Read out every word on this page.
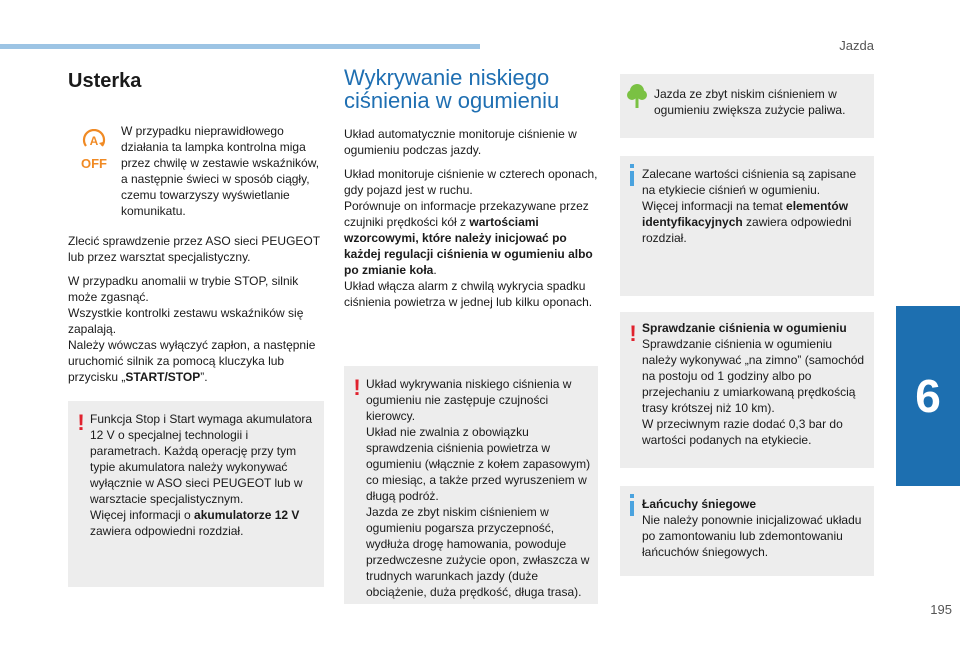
Jazda
6
195
Usterka
A
OFF

W przypadku nieprawidłowego działania ta lampka kontrolna miga przez chwilę w zestawie wskaźników, a następnie świeci w sposób ciągły, czemu towarzyszy wyświetlanie komunikatu.

Zlecić sprawdzenie przez ASO sieci PEUGEOT lub przez warsztat specjalistyczny.

W przypadku anomalii w trybie STOP, silnik może zgasnąć.

Wszystkie kontrolki zestawu wskaźników się zapalają.

Należy wówczas wyłączyć zapłon, a następnie uruchomić silnik za pomocą kluczyka lub przycisku „START/STOP”.

! Funkcja Stop i Start wymaga akumulatora 12 V o specjalnej technologii i parametrach. Każdą operację przy tym typie akumulatora należy wykonywać wyłącznie w ASO sieci PEUGEOT lub w warsztacie specjalistycznym.

Więcej informacji o akumulatorze 12 V zawiera odpowiedni rozdział.

Wykrywanie niskiego
ciśnienia w ogumieniu

Układ automatycznie monitoruje ciśnienie w ogumieniu podczas jazdy.

Układ monitoruje ciśnienie w czterech oponach, gdy pojazd jest w ruchu.

Porównuje on informacje przekazywane przez czujniki prędkości kół z wartościami wzorcowymi, które należy inicjować po każdej regulacji ciśnienia w ogumieniu albo po zmianie koła.

Układ włącza alarm z chwilą wykrycia spadku ciśnienia powietrza w jednej lub kilku oponach.

! Układ wykrywania niskiego ciśnienia w ogumieniu nie zastępuje czujności kierowcy.

Układ nie zwalnia z obowiązku sprawdzenia ciśnienia powietrza w ogumieniu (włącznie z kołem zapasowym) co miesiąc, a także przed wyruszeniem w długą podróż.

Jazda ze zbyt niskim ciśnieniem w ogumieniu pogarsza przyczepność, wydłuża drogę hamowania, powoduje przedwczesne zużycie opon, zwłaszcza w trudnych warunkach jazdy (duże obciążenie, duża prędkość, długa trasa).

Jazda ze zbyt niskim ciśnieniem w ogumieniu zwiększa zużycie paliwa.

Zalecane wartości ciśnienia są zapisane na etykiecie ciśnień w ogumieniu.

Więcej informacji na temat elementów identyfikacyjnych zawiera odpowiedni rozdział.

! Sprawdzanie ciśnienia w ogumieniu

Sprawdzanie ciśnienia w ogumieniu należy wykonywać „na zimno” (samochód na postoju od 1 godziny albo po przejechaniu z umiarkowaną prędkością trasy krótszej niż 10 km).

W przeciwnym razie dodać 0,3 bar do wartości podanych na etykiecie.

Łańcuchy śniegowe

Nie należy ponownie inicjalizować układu po zamontowaniu lub zdemontowaniu łańcuchów śniegowych.
